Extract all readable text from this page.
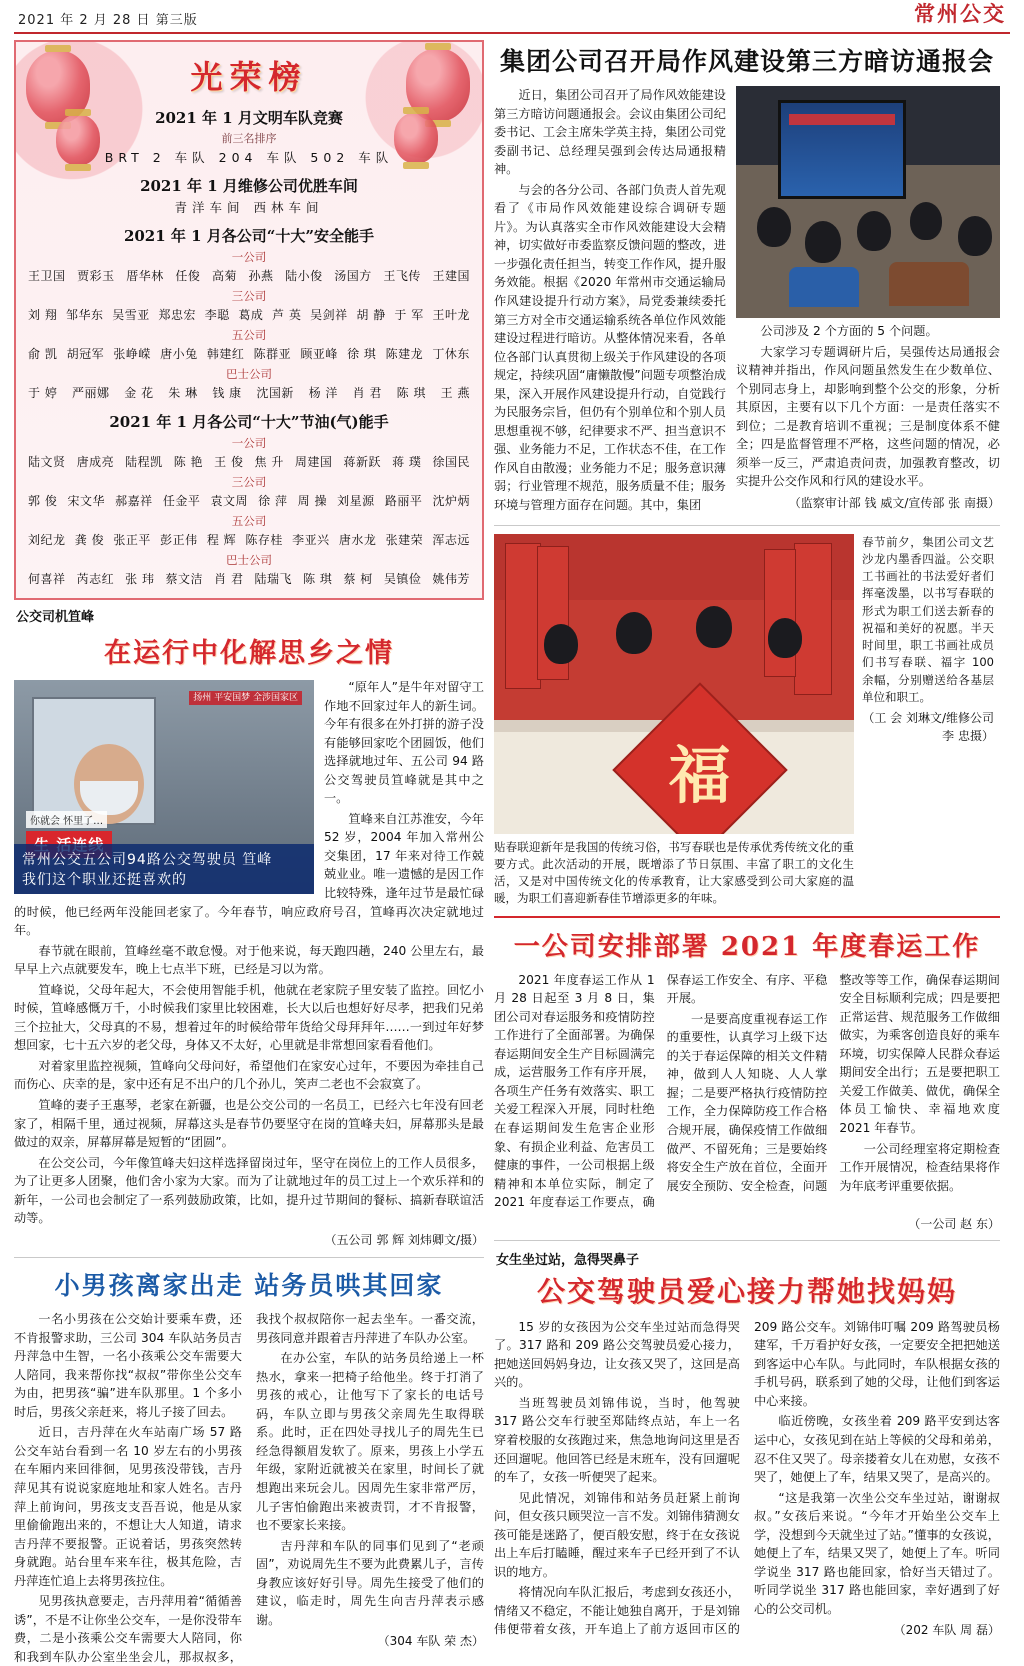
2021 年 2 月 28 日 第三版	常州公交
光荣榜
2021 年 1 月文明车队竞赛
前三名排序
BRT 2 车队 204 车队 502 车队
2021 年 1 月维修公司优胜车间
青洋车间 西林车间
2021 年 1 月各公司“十大”安全能手
一公司
王卫国 贾彩玉 厝华林 任俊 高菊 孙燕 陆小俊 汤国方 王飞传 王建国
三公司
刘 翔 邹华东 吴雪亚 郑忠宏 李聪 葛成 芦 英 吴剑祥 胡 静 于 军 王叶龙
五公司
俞 凯 胡冠军 张峥嵘 唐小兔 韩建红 陈群亚 顾亚峰 徐 琪 陈建龙 丁休东
巴士公司
于 婷 严丽娜 金 花 朱 琳 钱 康 沈国新 杨 洋 肖 君 陈 琪 王 燕
2021 年 1 月各公司“十大”节油(气)能手
一公司
陆文贤 唐成亮 陆程凯 陈 艳 王 俊 焦 升 周建国 蒋新跃 蒋 璞 徐国民
三公司
郭 俊 宋文华 郝嘉祥 任金平 袁文周 徐 萍 周 操 刘星源 路丽平 沈炉炳
五公司
刘纪龙 龚 俊 张正平 彭正伟 程 辉 陈存桂 李亚兴 唐水龙 张建荣 浑志远
巴士公司
何喜祥 芮志红 张 玮 蔡文洁 肖 君 陆瑞飞 陈 琪 蔡 柯 吴镇俭 姚伟芳
公交司机笪峰
在运行中化解思乡之情
扬州 平安国梦 全涉国家区
你就会 怀里了…
常州公交五公司94路公交驾驶员 笪峰
我们这个职业还挺喜欢的

“原年人”是牛年对留守工作地不回家过年人的新生词。今年有很多在外打拼的游子没有能够回家吃个团圆饭，他们选择就地过年、五公司 94 路公交驾驶员笪峰就是其中之一。

笪峰来自江苏淮安，今年 52 岁，2004 年加入常州公交集团，17 年来对待工作兢兢业业。唯一遗憾的是因工作比较特殊，逢年过节是最忙碌的时候，他已经两年没能回老家了。今年春节，响应政府号召，笪峰再次决定就地过年。

春节就在眼前，笪峰丝毫不敢怠慢。对于他来说，每天跑四趟，240 公里左右，最早早上六点就要发车，晚上七点半下班，已经是习以为常。

笪峰说，父母年起大，不会使用智能手机，他就在老家院子里安装了监控。回忆小时候，笪峰感慨万千，小时候我们家里比较困难，长大以后也想好好尽孝，把我们兄弟三个拉扯大，父母真的不易，想着过年的时候给带年货给父母拜拜年……一到过年好梦想回家，七十五六岁的老父母，身体又不太好，心里就是非常想回家看看他们。

对着家里监控视频，笪峰向父母问好，希望他们在家安心过年，不要因为牵挂自己而伤心、庆幸的是，家中还有足不出户的几个孙儿，笑声二老也不会寂寞了。

笪峰的妻子王惠琴，老家在新疆，也是公交公司的一名员工，已经六七年没有回老家了，相隔千里，通过视频，屏幕这头是春节仍要坚守在岗的笪峰夫妇，屏幕那头是最做过的双亲，屏幕屏幕是短暂的“团圆”。

在公交公司，今年像笪峰夫妇这样选择留岗过年，坚守在岗位上的工作人员很多，为了让更多人团聚，他们舍小家为大家。而为了让就地过年的员工过上一个欢乐祥和的新年，一公司也会制定了一系列鼓励政策，比如，提升过节期间的餐标、搞新春联谊活动等。

（五公司 郭 辉 刘炜卿文/摄）
小男孩离家出走 站务员哄其回家

一名小男孩在公交始计要乘车费，还不肯报警求助，三公司 304 车队站务员吉丹萍急中生智，一名小孩乘公交车需要大人陪同，我来帮你找“叔叔”带你坐公交车为由，把男孩“骗”进车队那里。1 个多小时后，男孩父亲赶来，将儿子接了回去。

近日，吉丹萍在火车站南广场 57 路公交车站台看到一名 10 岁左右的小男孩在车厢内来回徘徊，见男孩没带钱，吉丹萍见其有说说家庭地址和家人姓名。吉丹萍上前询问，男孩支支吾吾说，他是从家里偷偷跑出来的，不想让大人知道，请求吉丹萍不要报警。正说着话，男孩突然转身就跑。站台里车来车往，极其危险，吉丹萍连忙追上去将男孩拉住。

见男孩执意要走，吉丹萍用着“循循善诱”，不是不让你坐公交车，一是你没带车费，二是小孩乘公交车需要大人陪同，你和我到车队办公室坐坐会儿，那叔叔多，我找个叔叔陪你一起去坐车。一番交流，男孩同意并跟着吉丹萍进了车队办公室。

在办公室，车队的站务员给递上一杯热水，拿来一把椅子给他坐。终于打消了男孩的戒心，让他写下了家长的电话号码，车队立即与男孩父亲周先生取得联系。此时，正在四处寻找儿子的周先生已经急得额眉发软了。原来，男孩上小学五年级，家附近就被关在家里，时间长了就想跑出来玩会儿。因周先生家非常严厉，儿子害怕偷跑出来被责罚，才不肯报警，也不要家长来接。

吉丹萍和车队的同事们见到了“老顽固”，劝说周先生不要为此费累儿子，言传身教应该好好引导。周先生接受了他们的建议，临走时，周先生向吉丹萍表示感谢。

（304 车队 荣 杰）
集团公司召开局作风建设第三方暗访通报会

近日，集团公司召开了局作风效能建设第三方暗访问题通报会。会议由集团公司纪委书记、工会主席朱学英主持，集团公司党委副书记、总经理吴强到会传达局通报精神。

与会的各分公司、各部门负责人首先观看了《市局作风效能建设综合调研专题片》。为认真落实全市作风效能建设大会精神，切实做好市委监察反馈问题的整改，进一步强化责任担当，转变工作作风，提升服务效能。根据《2020 年常州市交通运输局作风建设提升行动方案》，局党委兼续委托第三方对全市交通运输系统各单位作风效能建设过程进行暗访。从整体情况来看，各单位各部门认真贯彻上级关于作风建设的各项规定，持续巩固“庸懒散慢”问题专项整治成果，深入开展作风建设提升行动，自觉践行为民服务宗旨，但仍有个别单位和个别人员思想重视不够，纪律要求不严、担当意识不强、业务能力不足，工作状态不佳，在工作作风自由散漫；业务能力不足；服务意识薄弱；行业管理不规范，服务质量不佳；服务环境与管理方面存在问题。其中，集团

公司涉及 2 个方面的 5 个问题。

大家学习专题调研片后，吴强传达局通报会议精神并指出，作风问题虽然发生在少数单位、个别同志身上，却影响到整个公交的形象，分析其原因，主要有以下几个方面：一是责任落实不到位；二是教育培训不重视；三是制度体系不健全；四是监督管理不严格，这些问题的情况，必须举一反三，严肃追责问责，加强教育整改，切实提升公交作风和行风的建设水平。

（监察审计部 钱 威文/宣传部 张 南摄）
福
贴春联迎新年是我国的传统习俗，书写春联也是传承优秀传统文化的重要方式。此次活动的开展，既增添了节日氛围、丰富了职工的文化生活，又是对中国传统文化的传承教育，让大家感受到公司大家庭的温暖，为职工们喜迎新春佳节增添更多的年味。
春节前夕，集团公司文艺沙龙内墨香四溢。公交职工书画社的书法爱好者们挥毫泼墨，以书写春联的形式为职工们送去新春的祝福和美好的祝愿。半天时间里，职工书画社成员们书写春联、福字 100 余幅，分别赠送给各基层单位和职工。
（工 会 刘琳文/维修公司 李 忠摄）
一公司安排部署 2021 年度春运工作

2021 年度春运工作从 1 月 28 日起至 3 月 8 日，集团公司对春运服务和疫情防控工作进行了全面部署。为确保春运期间安全生产目标圆满完成，运营服务工作有序开展，各项生产任务有效落实、职工关爱工程深入开展，同时杜绝在春运期间发生危害企业形象、有损企业利益、危害员工健康的事件，一公司根据上级精神和本单位实际，制定了 2021 年度春运工作要点，确保春运工作安全、有序、平稳开展。

一是要高度重视春运工作的重要性，认真学习上级下达的关于春运保障的相关文件精神，做到人人知晓、人人掌握；二是要严格执行疫情防控工作，全力保障防疫工作合格合规开展，确保疫情工作做细做严、不留死角；三是要始终将安全生产放在首位，全面开展安全预防、安全检查，问题整改等等工作，确保春运期间安全目标顺利完成；四是要把正常运营、规范服务工作做细做实，为乘客创造良好的乘车环境，切实保障人民群众春运期间安全出行；五是要把职工关爱工作做美、做优，确保全体员工愉快、幸福地欢度 2021 年春节。

一公司经理室将定期检查工作开展情况，检查结果将作为年底考评重要依据。

（一公司 赵 东）
女生坐过站，急得哭鼻子
公交驾驶员爱心接力帮她找妈妈

15 岁的女孩因为公交车坐过站而急得哭了。317 路和 209 路公交驾驶员爱心接力，把她送回妈妈身边，让女孩又哭了，这回是高兴的。

当班驾驶员刘锦伟说，当时，他驾驶 317 路公交车行驶至郑陆终点站，车上一名穿着校服的女孩跑过来，焦急地询问这里是否还回遛呢。他回答已经是末班车，没有回遛呢的车了，女孩一听便哭了起来。

见此情况，刘锦伟和站务员赶紧上前询问，但女孩只顾哭泣一言不发。刘锦伟猜测女孩可能是迷路了，便百般安慰，终于在女孩说出上车后打瞌睡，醒过来车子已经开到了不认识的地方。

将情况向车队汇报后，考虑到女孩还小，情绪又不稳定，不能让她独自离开，于是刘锦伟便带着女孩，开车追上了前方返回市区的 209 路公交车。刘锦伟叮嘱 209 路驾驶员杨建军，千万看护好女孩，一定要安全把把她送到客运中心车队。与此同时，车队根据女孩的手机号码，联系到了她的父母，让他们到客运中心来接。

临近傍晚，女孩坐着 209 路平安到达客运中心，女孩见到在站上等候的父母和弟弟，忍不住又哭了。母亲搂着女儿在劝慰，女孩不哭了，她便上了车，结果又哭了，是高兴的。

“这是我第一次坐公交车坐过站，谢谢叔叔。”女孩后来说。“今年才开始坐公交车上学，没想到今天就坐过了站。”懂事的女孩说，她便上了车，结果又哭了，她便上了车。听同学说坐 317 路也能回家，恰好当天错过了。听同学说坐 317 路也能回家，幸好遇到了好心的公交司机。

（202 车队 周 磊）
